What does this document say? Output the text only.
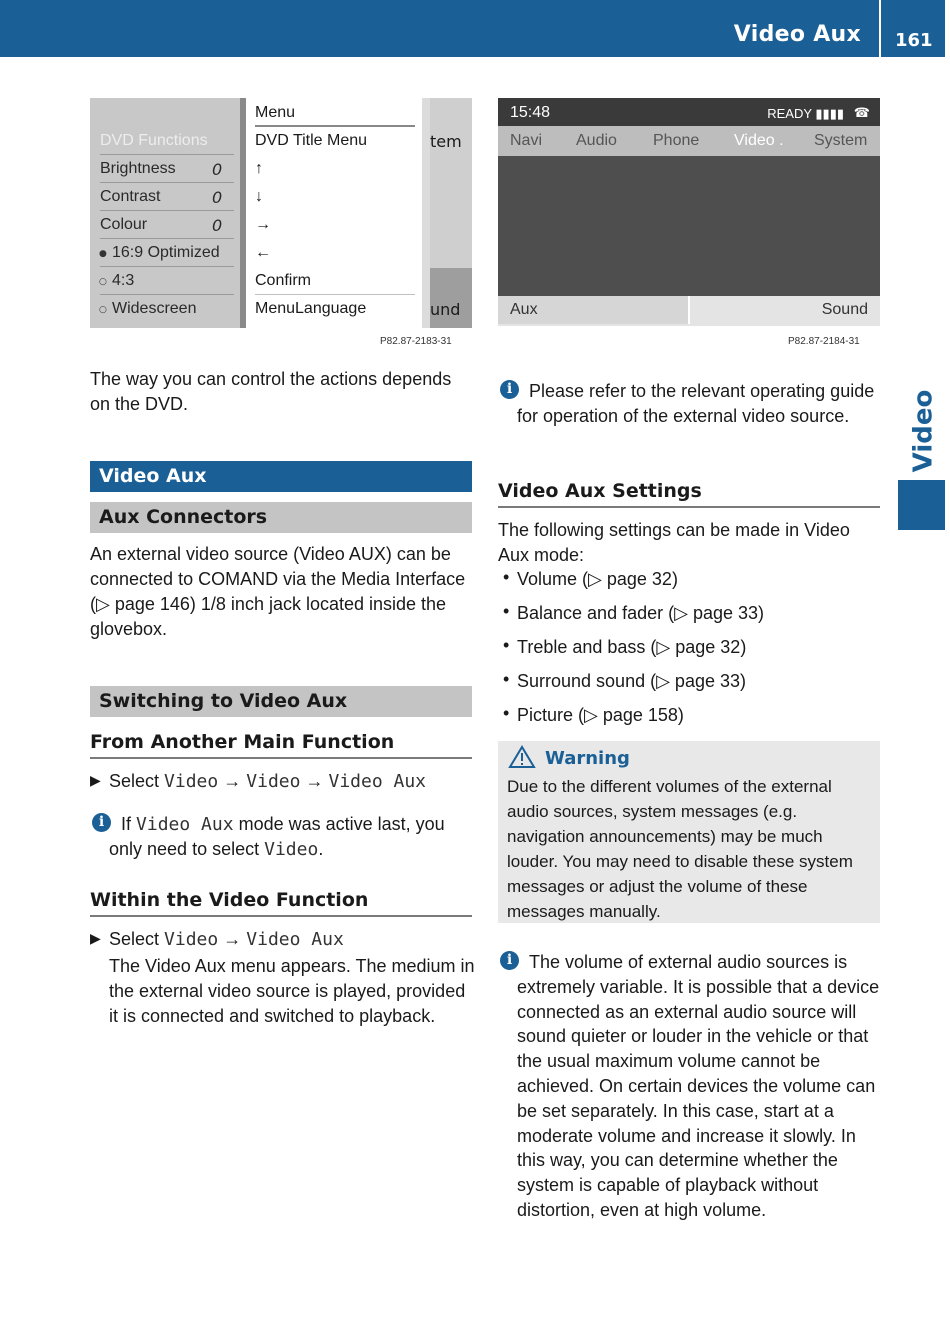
Video Aux 161
Video
DVD Functions
Brightness 0
Contrast	0
Colour	0
● 16:9 Optimized
○ 4:3
○ Widescreen
Menu
DVD Title Menu
↑
↓
→
←
Confirm
MenuLanguage
tem
und
P82.87-2183-31
15:48	READY ▮▮▮▮ ☎
Navi Audio Phone Video . System
Aux	Sound
P82.87-2184-31
The way you can control the actions depends on the DVD.
Video Aux
Aux Connectors
An external video source (Video AUX) can be connected to COMAND via the Media Interface (▷ page 146) 1/8 inch jack located inside the glovebox.
Switching to Video Aux
From Another Main Function
▶ Select Video → Video → Video Aux
i If Video Aux mode was active last, you only need to select Video.
Within the Video Function
▶ Select Video → Video Aux
The Video Aux menu appears. The medium in the external video source is played, provided it is connected and switched to playback.
i Please refer to the relevant operating guide for operation of the external video source.
Video Aux Settings
The following settings can be made in Video Aux mode:
• Volume (▷ page 32)
• Balance and fader (▷ page 33)
• Treble and bass (▷ page 32)
• Surround sound (▷ page 33)
• Picture (▷ page 158)
Warning
Due to the different volumes of the external audio sources, system messages (e.g. navigation announcements) may be much louder. You may need to disable these system messages or adjust the volume of these messages manually.
i The volume of external audio sources is extremely variable. It is possible that a device connected as an external audio source will sound quieter or louder in the vehicle or that the usual maximum volume cannot be achieved. On certain devices the volume can be set separately. In this case, start at a moderate volume and increase it slowly. In this way, you can determine whether the system is capable of playback without distortion, even at high volume.
